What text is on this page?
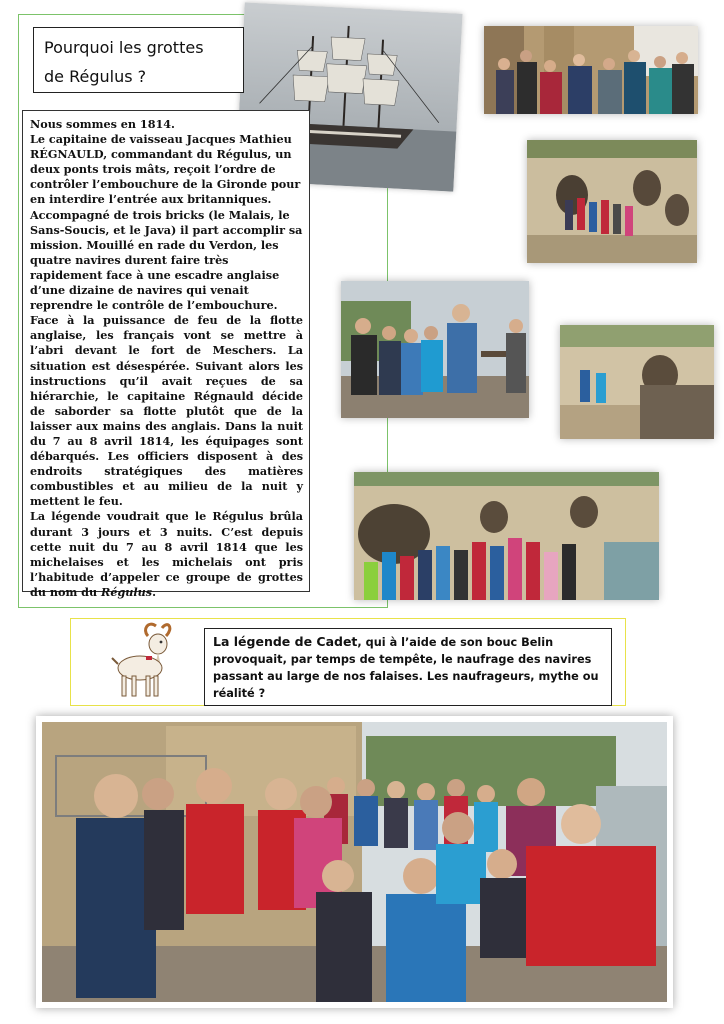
Pourquoi les grottes
de Régulus ?

Nous sommes en 1814.

Le capitaine de vaisseau Jacques Mathieu RÉGNAULD, commandant du Régulus, un deux ponts trois mâts, reçoit l’ordre de contrôler l’embouchure de la Gironde pour en interdire l’entrée aux britanniques. Accompagné de trois bricks (le Malais, le Sans-Soucis, et le Java) il part accomplir sa mission. Mouillé en rade du Verdon, les quatre navires durent faire très rapidement face à une escadre anglaise d’une dizaine de navires qui venait reprendre le contrôle de l’embouchure.

Face à la puissance de feu de la flotte anglaise, les français vont se mettre à l’abri devant le fort de Meschers. La situation est désespérée. Suivant alors les instructions qu’il avait reçues de sa hiérarchie, le capitaine Régnauld décide de saborder sa flotte plutôt que de la laisser aux mains des anglais. Dans la nuit du 7 au 8 avril 1814, les équipages sont débarqués. Les officiers disposent à des endroits stratégiques des matières combustibles et au milieu de la nuit y mettent le feu.

La légende voudrait que le Régulus brûla durant 3 jours et 3 nuits. C’est depuis cette nuit du 7 au 8 avril 1814 que les michelaises et les michelais ont pris l’habitude d’appeler ce groupe de grottes du nom du Régulus.

La légende de Cadet, qui à l’aide de son bouc Belin provoquait, par temps de tempête, le naufrage des navires passant au large de nos falaises. Les naufrageurs, mythe ou réalité ?
